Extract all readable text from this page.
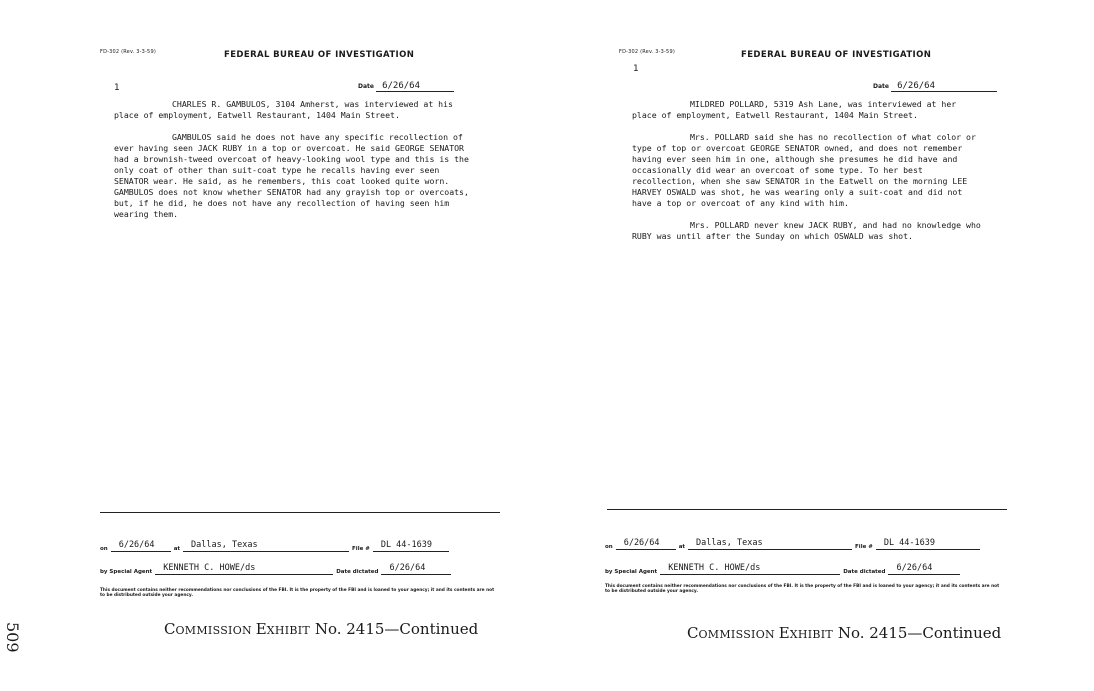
509
FD-302 (Rev. 3-3-59)	FEDERAL BUREAU OF INVESTIGATION
1	Date 6/26/64

CHARLES R. GAMBULOS, 3104 Amherst, was interviewed at his place of employment, Eatwell Restaurant, 1404 Main Street.

GAMBULOS said he does not have any specific recollection of ever having seen JACK RUBY in a top or overcoat. He said GEORGE SENATOR had a brownish-tweed overcoat of heavy-looking wool type and this is the only coat of other than suit-coat type he recalls having ever seen SENATOR wear. He said, as he remembers, this coat looked quite worn. GAMBULOS does not know whether SENATOR had any grayish top or overcoats, but, if he did, he does not have any recollection of having seen him wearing them.

on	6/26/64	at	Dallas, Texas	File #	DL 44-1639
by Special Agent	KENNETH C. HOWE/ds	Date dictated	6/26/64
This document contains neither recommendations nor conclusions of the FBI. It is the property of the FBI and is loaned to your agency; it and its contents are not to be distributed outside your agency.
COMMISSION EXHIBIT No. 2415—Continued
FD-302 (Rev. 3-3-59)	FEDERAL BUREAU OF INVESTIGATION
1
Date 6/26/64

MILDRED POLLARD, 5319 Ash Lane, was interviewed at her place of employment, Eatwell Restaurant, 1404 Main Street.

Mrs. POLLARD said she has no recollection of what color or type of top or overcoat GEORGE SENATOR owned, and does not remember having ever seen him in one, although she presumes he did have and occasionally did wear an overcoat of some type. To her best recollection, when she saw SENATOR in the Eatwell on the morning LEE HARVEY OSWALD was shot, he was wearing only a suit-coat and did not have a top or overcoat of any kind with him.

Mrs. POLLARD never knew JACK RUBY, and had no knowledge who RUBY was until after the Sunday on which OSWALD was shot.

on	6/26/64	at	Dallas, Texas	File #	DL 44-1639
by Special Agent	KENNETH C. HOWE/ds	Date dictated	6/26/64
This document contains neither recommendations nor conclusions of the FBI. It is the property of the FBI and is loaned to your agency; it and its contents are not to be distributed outside your agency.
COMMISSION EXHIBIT No. 2415—Continued
